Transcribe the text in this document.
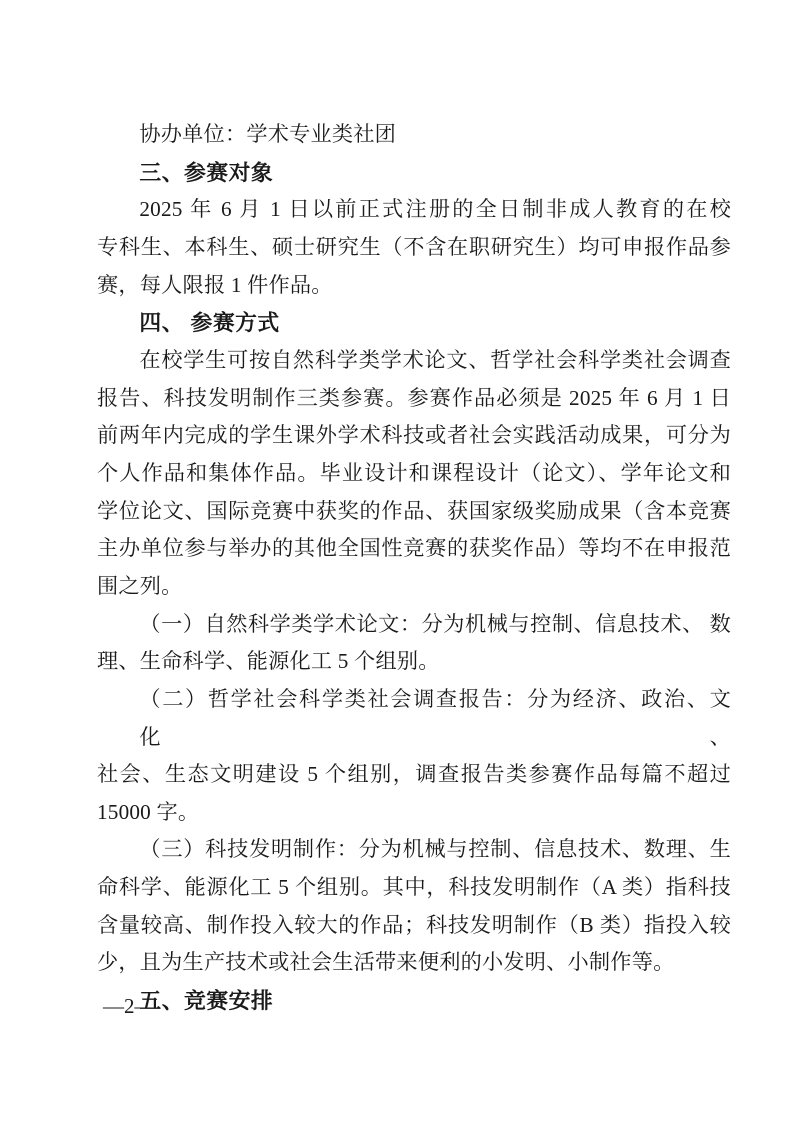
协办单位：学术专业类社团
三、参赛对象
2025 年 6 月 1 日以前正式注册的全日制非成人教育的在校
专科生、本科生、硕士研究生（不含在职研究生）均可申报作品参
赛，每人限报 1 件作品。
四、 参赛方式
在校学生可按自然科学类学术论文、哲学社会科学类社会调查
报告、科技发明制作三类参赛。参赛作品必须是 2025 年 6 月 1 日
前两年内完成的学生课外学术科技或者社会实践活动成果，可分为
个人作品和集体作品。毕业设计和课程设计（论文）、学年论文和
学位论文、国际竞赛中获奖的作品、获国家级奖励成果（含本竞赛
主办单位参与举办的其他全国性竞赛的获奖作品）等均不在申报范
围之列。
（一）自然科学类学术论文：分为机械与控制、信息技术、 数
理、生命科学、能源化工 5 个组别。
（二）哲学社会科学类社会调查报告：分为经济、政治、文化、
社会、生态文明建设 5 个组别，调查报告类参赛作品每篇不超过
15000 字。
（三）科技发明制作：分为机械与控制、信息技术、数理、生
命科学、能源化工 5 个组别。其中，科技发明制作（A 类）指科技
含量较高、制作投入较大的作品；科技发明制作（B 类）指投入较
少，且为生产技术或社会生活带来便利的小发明、小制作等。
五、竞赛安排
—2—
